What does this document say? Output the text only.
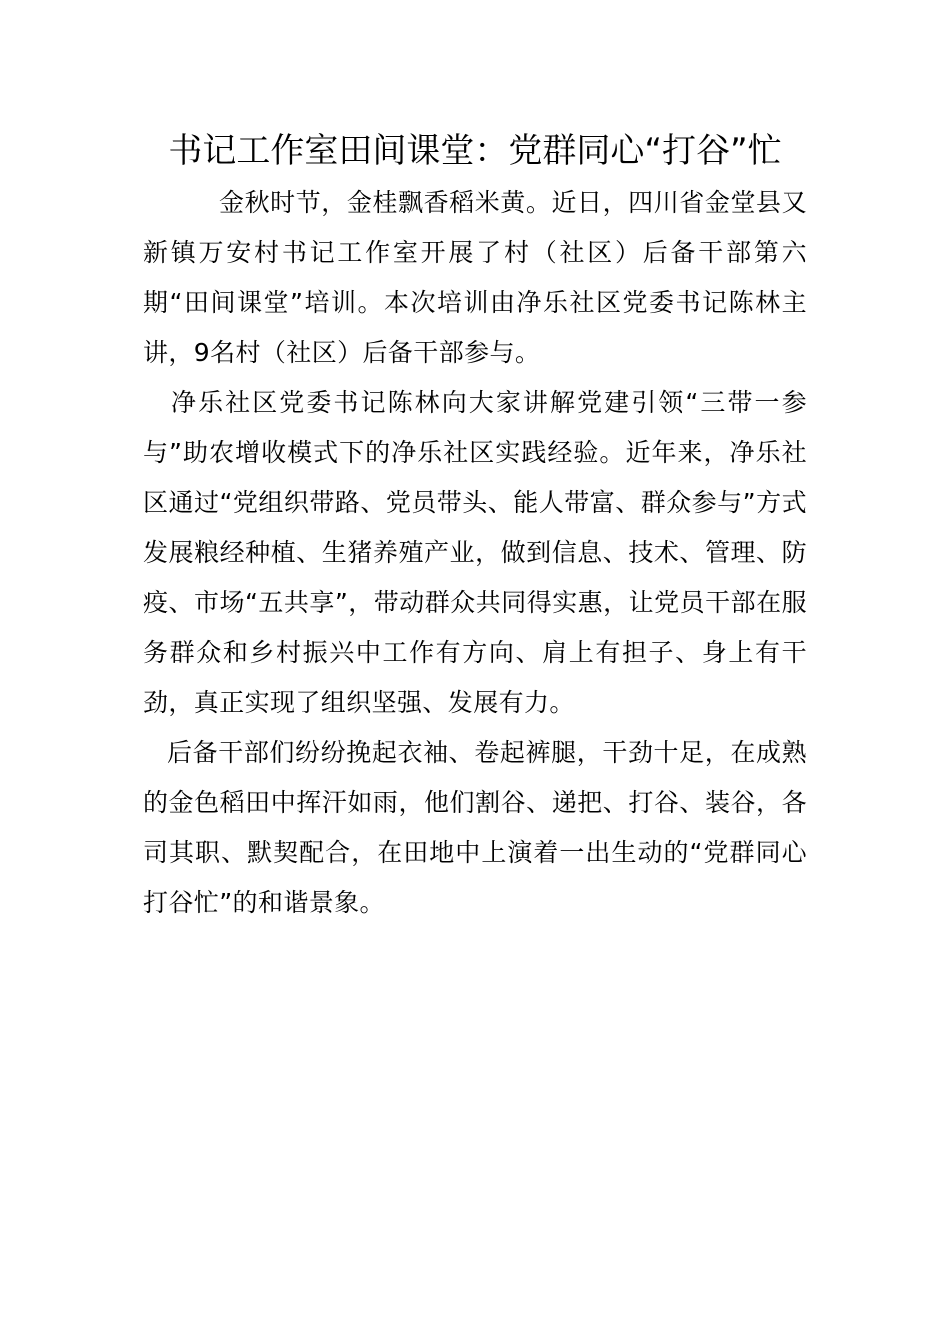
书记工作室田间课堂：党群同心“打谷”忙

金秋时节，金桂飘香稻米黄。近日，四川省金堂县又新镇万安村书记工作室开展了村（社区）后备干部第六期“田间课堂”培训。本次培训由净乐社区党委书记陈林主讲，9名村（社区）后备干部参与。

净乐社区党委书记陈林向大家讲解党建引领“三带一参与”助农增收模式下的净乐社区实践经验。近年来，净乐社区通过“党组织带路、党员带头、能人带富、群众参与”方式发展粮经种植、生猪养殖产业，做到信息、技术、管理、防疫、市场“五共享”，带动群众共同得实惠，让党员干部在服务群众和乡村振兴中工作有方向、肩上有担子、身上有干劲，真正实现了组织坚强、发展有力。

后备干部们纷纷挽起衣袖、卷起裤腿，干劲十足，在成熟的金色稻田中挥汗如雨，他们割谷、递把、打谷、装谷，各司其职、默契配合，在田地中上演着一出生动的“党群同心打谷忙”的和谐景象。
